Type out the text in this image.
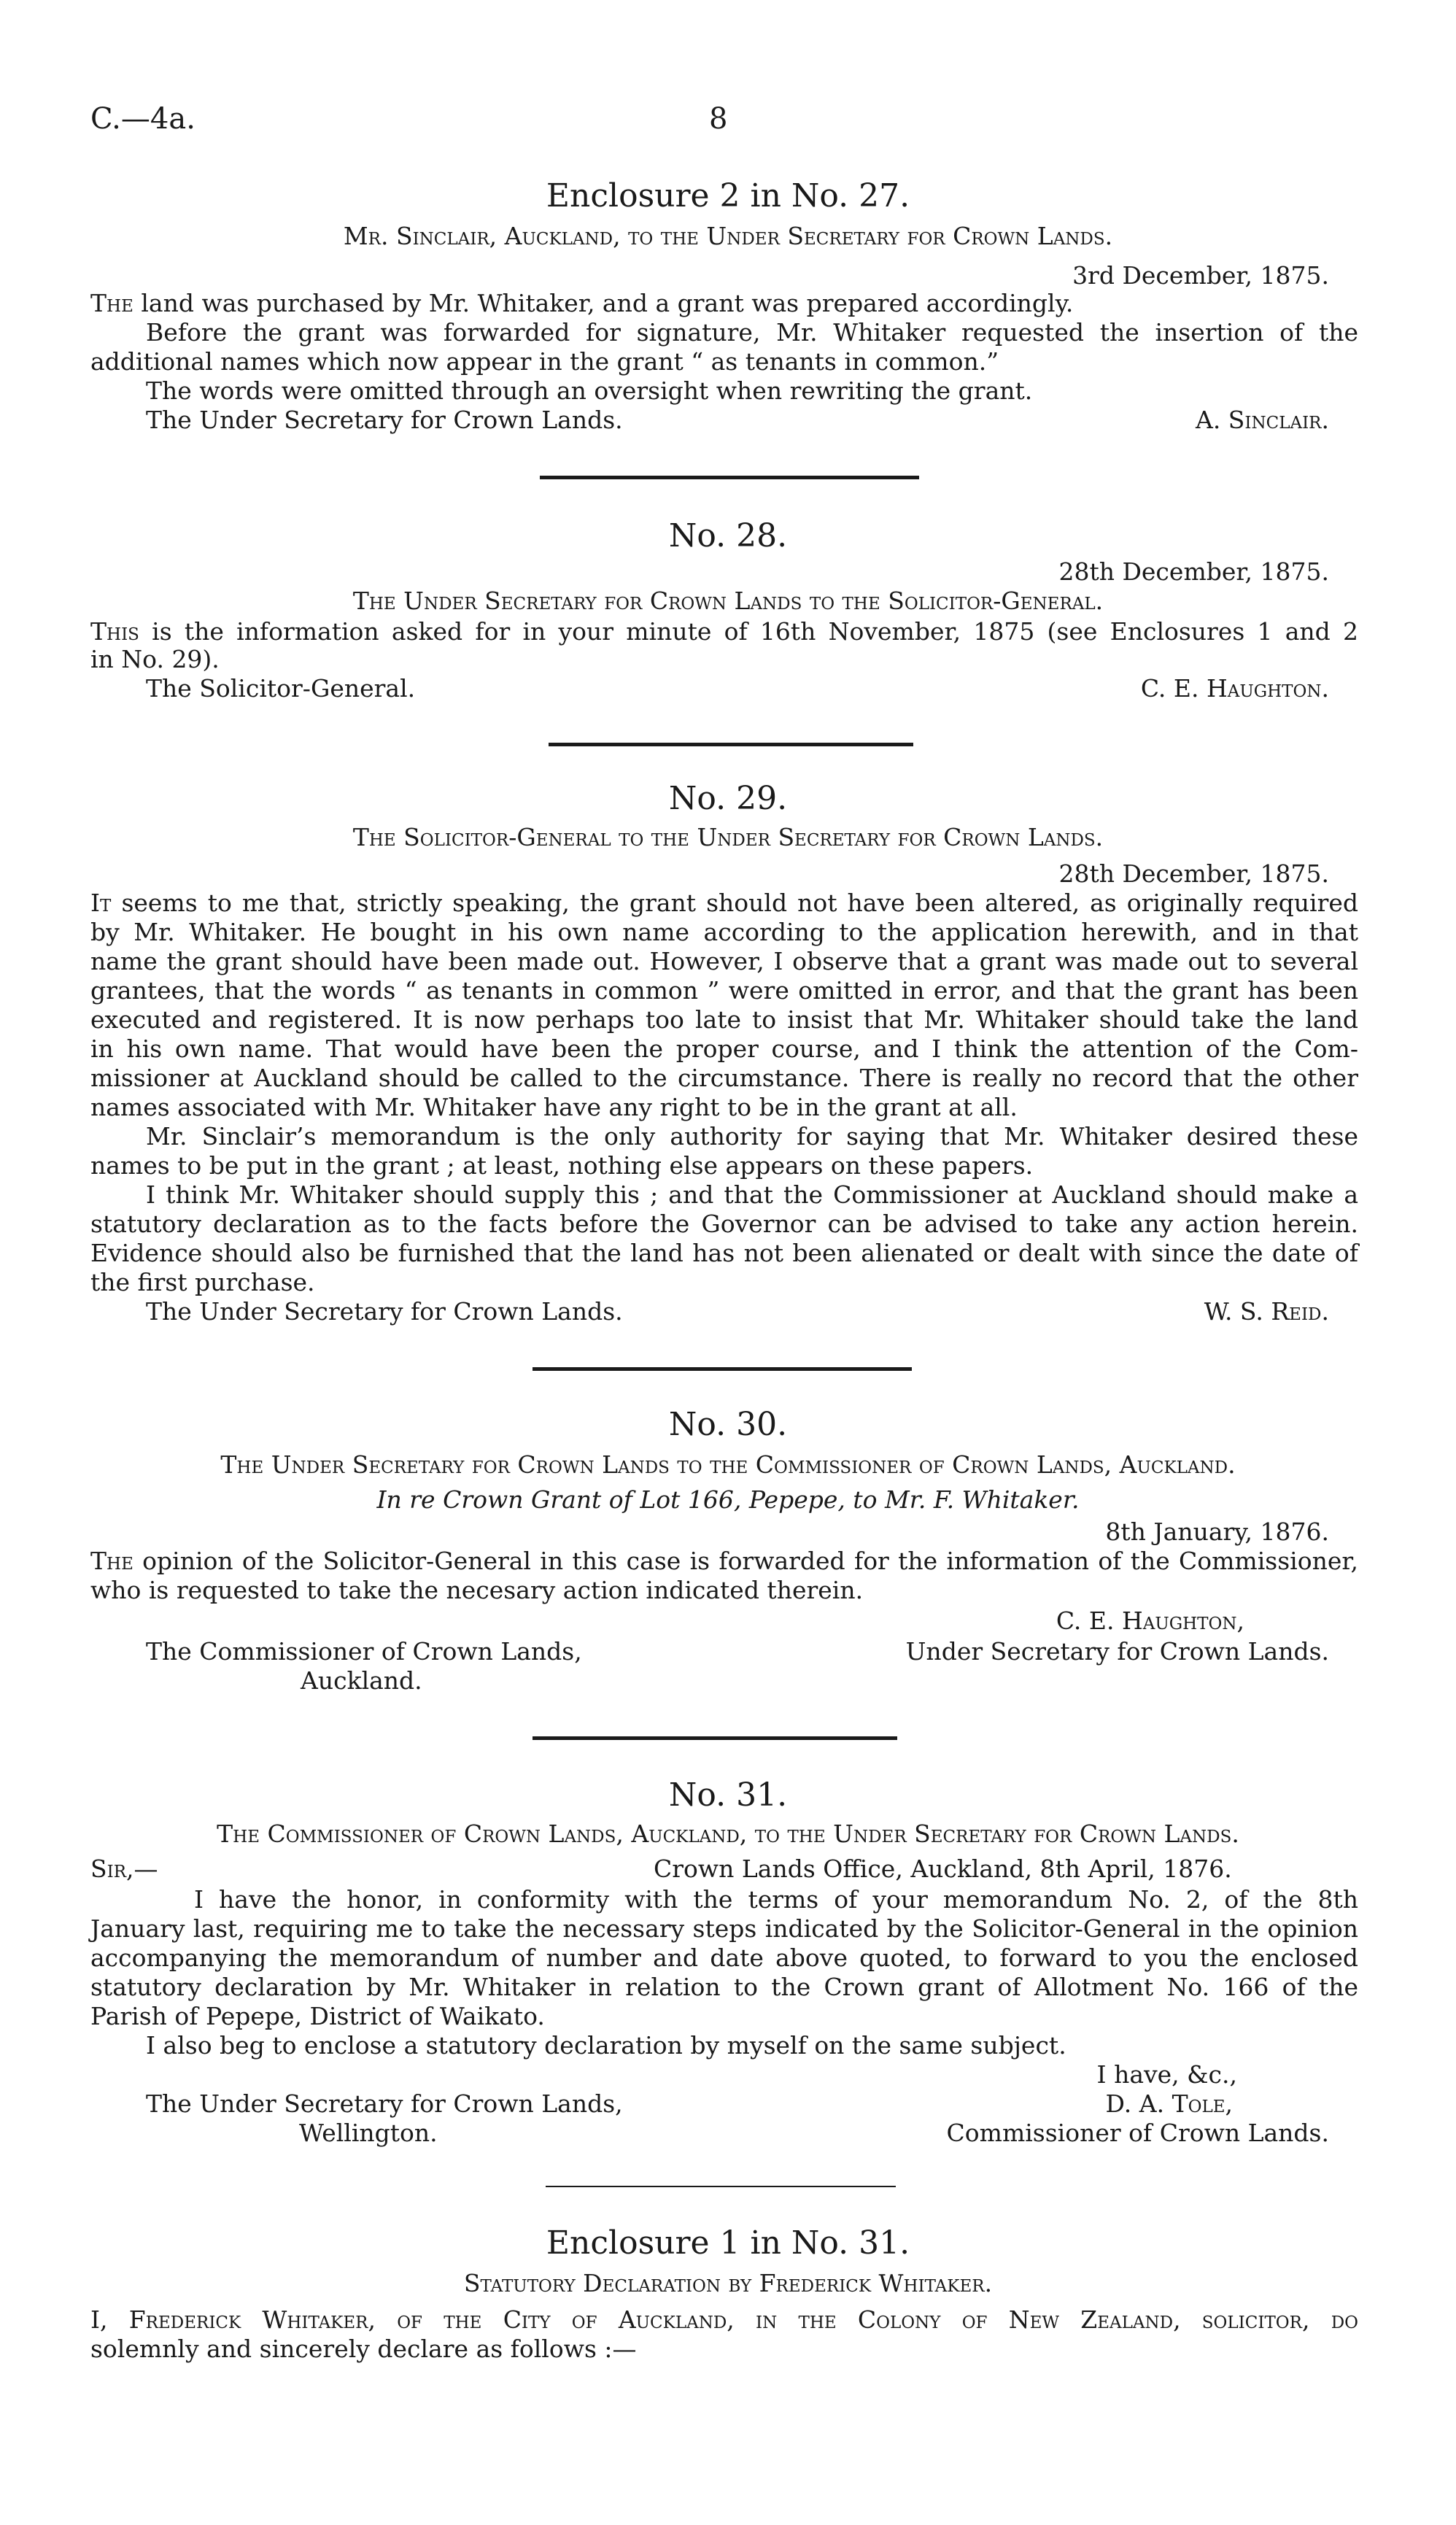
C.—4a.	8
Enclosure 2 in No. 27.
Mr. Sinclair, Auckland, to the Under Secretary for Crown Lands.
3rd December, 1875.
The land was purchased by Mr. Whitaker, and a grant was prepared accordingly.
Before the grant was forwarded for signature, Mr. Whitaker requested the insertion of the
additional names which now appear in the grant “ as tenants in common.”
The words were omitted through an oversight when rewriting the grant.
The Under Secretary for Crown Lands.	A. Sinclair.
No. 28.
28th December, 1875.
The Under Secretary for Crown Lands to the Solicitor-General.
This is the information asked for in your minute of 16th November, 1875 (see Enclosures 1 and 2
in No. 29).
The Solicitor-General.	C. E. Haughton.
No. 29.
The Solicitor-General to the Under Secretary for Crown Lands.
28th December, 1875.
It seems to me that, strictly speaking, the grant should not have been altered, as originally required
by Mr. Whitaker. He bought in his own name according to the application herewith, and in that
name the grant should have been made out. However, I observe that a grant was made out to several
grantees, that the words “ as tenants in common ” were omitted in error, and that the grant has been
executed and registered. It is now perhaps too late to insist that Mr. Whitaker should take the land
in his own name. That would have been the proper course, and I think the attention of the Com-
missioner at Auckland should be called to the circumstance. There is really no record that the other
names associated with Mr. Whitaker have any right to be in the grant at all.
Mr. Sinclair’s memorandum is the only authority for saying that Mr. Whitaker desired these
names to be put in the grant ; at least, nothing else appears on these papers.
I think Mr. Whitaker should supply this ; and that the Commissioner at Auckland should make a
statutory declaration as to the facts before the Governor can be advised to take any action herein.
Evidence should also be furnished that the land has not been alienated or dealt with since the date of
the first purchase.
The Under Secretary for Crown Lands.	W. S. Reid.
No. 30.
The Under Secretary for Crown Lands to the Commissioner of Crown Lands, Auckland.
In re Crown Grant of Lot 166, Pepepe, to Mr. F. Whitaker.
8th January, 1876.
The opinion of the Solicitor-General in this case is forwarded for the information of the Commissioner,
who is requested to take the necesary action indicated therein.
C. E. Haughton,
Under Secretary for Crown Lands.
The Commissioner of Crown Lands,
Auckland.
No. 31.
The Commissioner of Crown Lands, Auckland, to the Under Secretary for Crown Lands.
Sir,—	Crown Lands Office, Auckland, 8th April, 1876.
I have the honor, in conformity with the terms of your memorandum No. 2, of the 8th
January last, requiring me to take the necessary steps indicated by the Solicitor-General in the opinion
accompanying the memorandum of number and date above quoted, to forward to you the enclosed
statutory declaration by Mr. Whitaker in relation to the Crown grant of Allotment No. 166 of the
Parish of Pepepe, District of Waikato.
I also beg to enclose a statutory declaration by myself on the same subject.
I have, &c.,
D. A. Tole,
Commissioner of Crown Lands.
The Under Secretary for Crown Lands,
Wellington.
Enclosure 1 in No. 31.
Statutory Declaration by Frederick Whitaker.
I, Frederick Whitaker, of the City of Auckland, in the Colony of New Zealand, solicitor, do
solemnly and sincerely declare as follows :—
